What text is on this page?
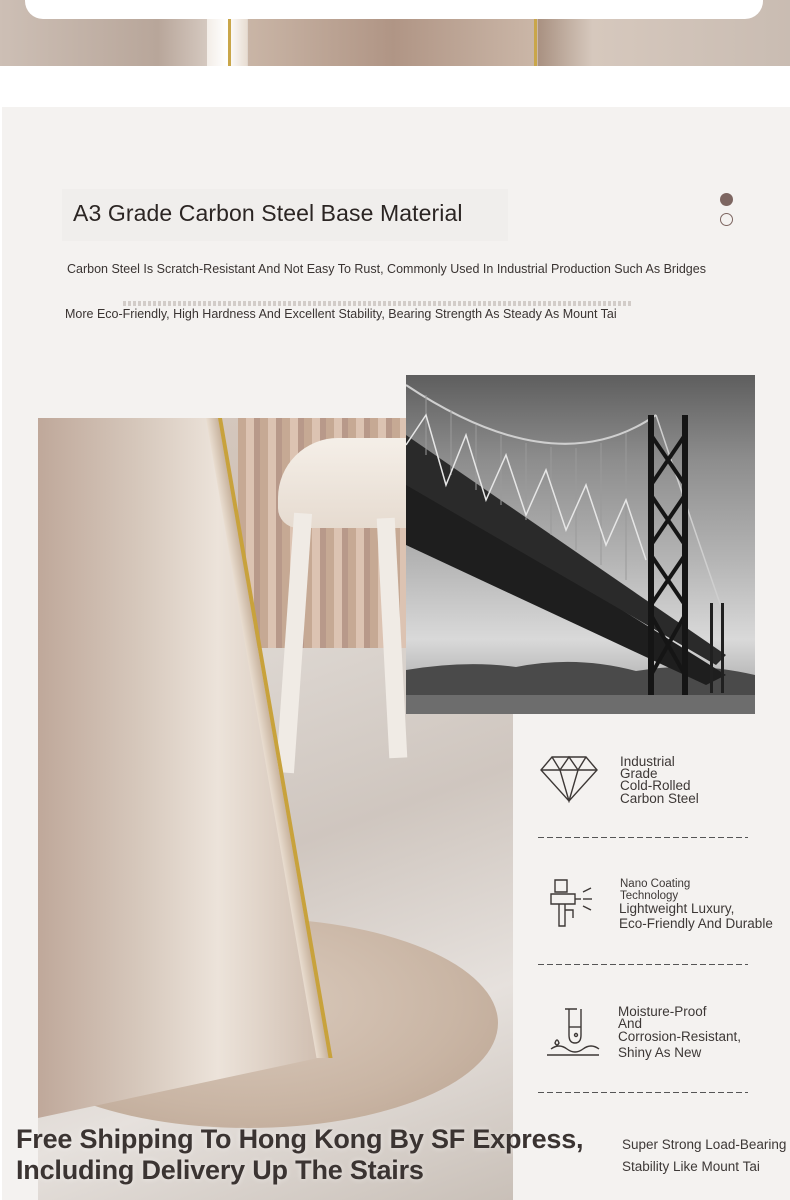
A3 Grade Carbon Steel Base Material

Carbon Steel Is Scratch-Resistant And Not Easy To Rust, Commonly Used In Industrial Production Such As Bridges

More Eco-Friendly, High Hardness And Excellent Stability, Bearing Strength As Steady As Mount Tai

Industrial
Grade
Cold-Rolled
Carbon Steel
Nano Coating
Technology
Lightweight Luxury,
Eco-Friendly And Durable
Moisture-Proof
And
Corrosion-Resistant,
Shiny As New
Free Shipping To Hong Kong By SF Express,
Including Delivery Up The Stairs
Super Strong Load-Bearing
Stability Like Mount Tai
